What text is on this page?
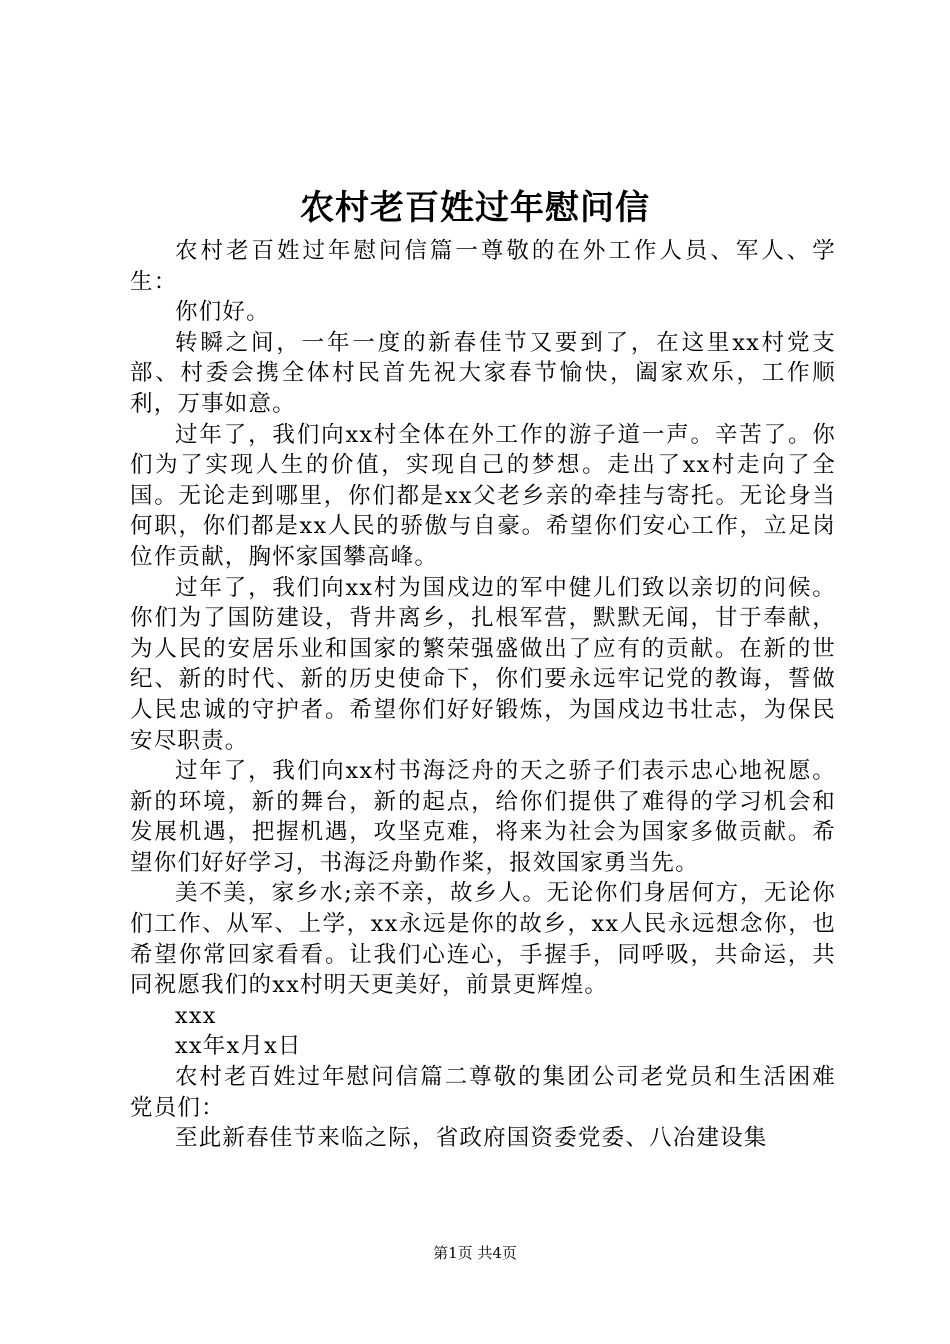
农村老百姓过年慰问信

农村老百姓过年慰问信篇一尊敬的在外工作人员、军人、学生：

你们好。

转瞬之间，一年一度的新春佳节又要到了，在这里xx村党支部、村委会携全体村民首先祝大家春节愉快，阖家欢乐，工作顺利，万事如意。

过年了，我们向xx村全体在外工作的游子道一声。辛苦了。你们为了实现人生的价值，实现自己的梦想。走出了xx村走向了全国。无论走到哪里，你们都是xx父老乡亲的牵挂与寄托。无论身当何职，你们都是xx人民的骄傲与自豪。希望你们安心工作，立足岗位作贡献，胸怀家国攀高峰。

过年了，我们向xx村为国戍边的军中健儿们致以亲切的问候。你们为了国防建设，背井离乡，扎根军营，默默无闻，甘于奉献，为人民的安居乐业和国家的繁荣强盛做出了应有的贡献。在新的世纪、新的时代、新的历史使命下，你们要永远牢记党的教诲，誓做人民忠诚的守护者。希望你们好好锻炼，为国戍边书壮志，为保民安尽职责。

过年了，我们向xx村书海泛舟的天之骄子们表示忠心地祝愿。新的环境，新的舞台，新的起点，给你们提供了难得的学习机会和发展机遇，把握机遇，攻坚克难，将来为社会为国家多做贡献。希望你们好好学习，书海泛舟勤作桨，报效国家勇当先。

美不美，家乡水;亲不亲，故乡人。无论你们身居何方，无论你们工作、从军、上学，xx永远是你的故乡，xx人民永远想念你，也希望你常回家看看。让我们心连心，手握手，同呼吸，共命运，共同祝愿我们的xx村明天更美好，前景更辉煌。

xxx

xx年x月x日

农村老百姓过年慰问信篇二尊敬的集团公司老党员和生活困难党员们：

至此新春佳节来临之际，省政府国资委党委、八冶建设集

第1页 共4页
